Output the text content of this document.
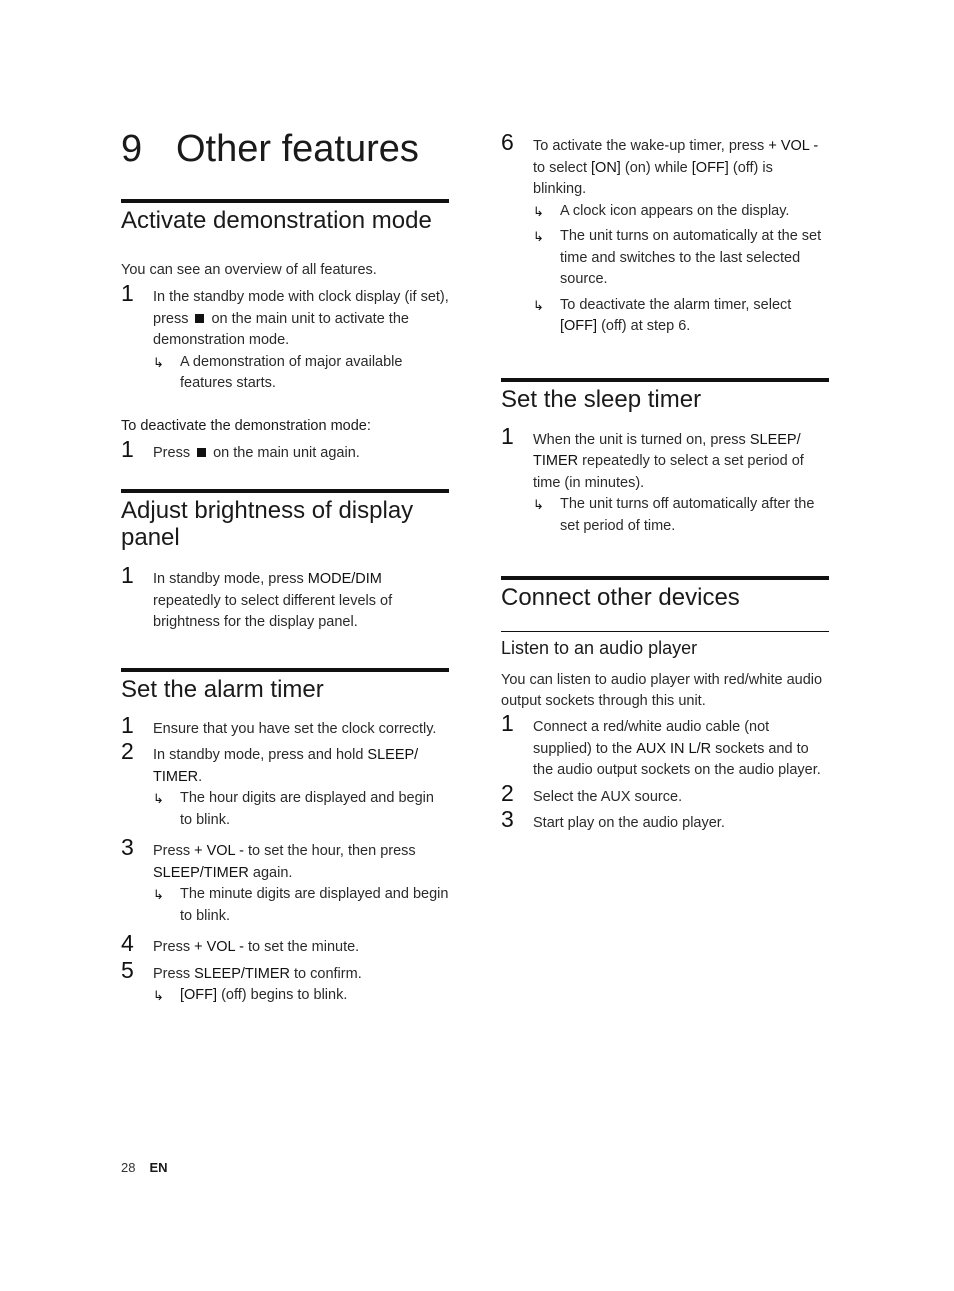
9 Other features
Activate demonstration mode

You can see an overview of all features.

1 In the standby mode with clock display (if set), press on the main unit to activate the demonstration mode.
↳ A demonstration of major available features starts.

To deactivate the demonstration mode:

1 Press on the main unit again.
Adjust brightness of display panel
1 In standby mode, press MODE/DIM repeatedly to select different levels of brightness for the display panel.
Set the alarm timer
1 Ensure that you have set the clock correctly.
2 In standby mode, press and hold SLEEP/ TIMER.
↳ The hour digits are displayed and begin to blink.
3 Press + VOL - to set the hour, then press SLEEP/TIMER again.
↳ The minute digits are displayed and begin to blink.
4 Press + VOL - to set the minute.
5 Press SLEEP/TIMER to confirm.
↳ [OFF] (off) begins to blink.
6 To activate the wake-up timer, press + VOL - to select [ON] (on) while [OFF] (off) is blinking.
↳ A clock icon appears on the display.
↳ The unit turns on automatically at the set time and switches to the last selected source.
↳ To deactivate the alarm timer, select [OFF] (off) at step 6.
Set the sleep timer
1 When the unit is turned on, press SLEEP/ TIMER repeatedly to select a set period of time (in minutes).
↳ The unit turns off automatically after the set period of time.
Connect other devices
Listen to an audio player

You can listen to audio player with red/white audio output sockets through this unit.

1 Connect a red/white audio cable (not supplied) to the AUX IN L/R sockets and to the audio output sockets on the audio player.
2 Select the AUX source.
3 Start play on the audio player.
28 EN
